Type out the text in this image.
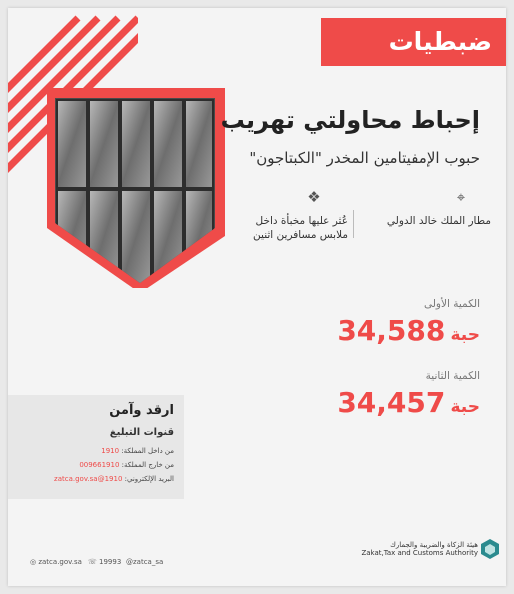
ضبطيات
إحباط محاولتي تهريب
حبوب الإمفيتامين المخدر "الكبتاجون"
⌖
مطار الملك خالد الدولي
❖
عُثر عليها مخبأة داخل
ملابس مسافرين اثنين
الكمية الأولى
حبة 34,588
الكمية الثانية
حبة 34,457
ارقد وآمن
قنوات التبليغ
من داخل المملكة: 1910
من خارج المملكة: 009661910
البريد الإلكتروني: 1910@zatca.gov.sa
◎ zatca.gov.sa ☏ 19993 @zatca_sa
هيئة الزكاة والضريبة والجمارك
Zakat,Tax and Customs Authority
